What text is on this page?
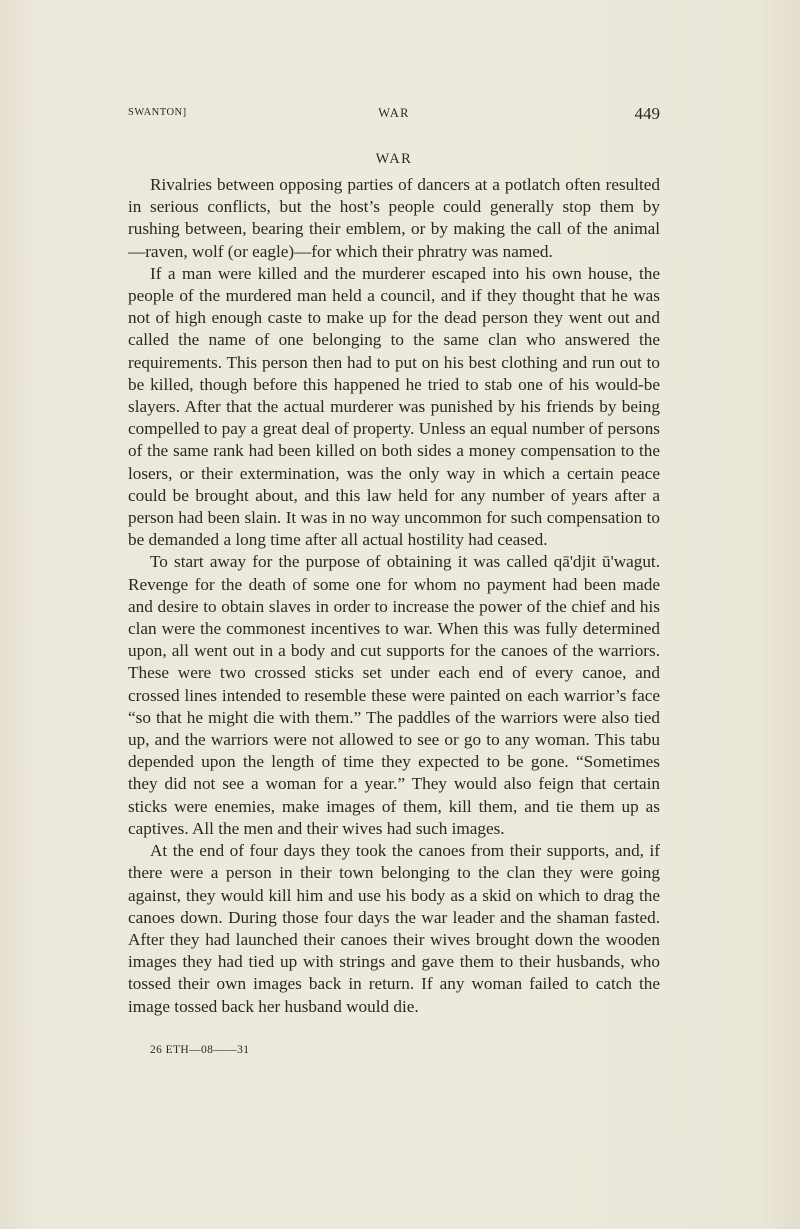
SWANTON]	WAR	449
WAR

Rivalries between opposing parties of dancers at a potlatch often resulted in serious conflicts, but the host’s people could generally stop them by rushing between, bearing their emblem, or by making the call of the animal—raven, wolf (or eagle)—for which their phratry was named.

If a man were killed and the murderer escaped into his own house, the people of the murdered man held a council, and if they thought that he was not of high enough caste to make up for the dead person they went out and called the name of one belonging to the same clan who answered the requirements. This person then had to put on his best clothing and run out to be killed, though before this happened he tried to stab one of his would-be slayers. After that the actual murderer was punished by his friends by being compelled to pay a great deal of property. Unless an equal number of persons of the same rank had been killed on both sides a money compensation to the losers, or their extermination, was the only way in which a certain peace could be brought about, and this law held for any number of years after a person had been slain. It was in no way uncommon for such compensation to be demanded a long time after all actual hostility had ceased.

To start away for the purpose of obtaining it was called qā'djit ū'wagut. Revenge for the death of some one for whom no payment had been made and desire to obtain slaves in order to increase the power of the chief and his clan were the commonest incentives to war. When this was fully determined upon, all went out in a body and cut supports for the canoes of the warriors. These were two crossed sticks set under each end of every canoe, and crossed lines intended to resemble these were painted on each warrior’s face “so that he might die with them.” The paddles of the warriors were also tied up, and the warriors were not allowed to see or go to any woman. This tabu depended upon the length of time they expected to be gone. “Sometimes they did not see a woman for a year.” They would also feign that certain sticks were enemies, make images of them, kill them, and tie them up as captives. All the men and their wives had such images.

At the end of four days they took the canoes from their supports, and, if there were a person in their town belonging to the clan they were going against, they would kill him and use his body as a skid on which to drag the canoes down. During those four days the war leader and the shaman fasted. After they had launched their canoes their wives brought down the wooden images they had tied up with strings and gave them to their husbands, who tossed their own images back in return. If any woman failed to catch the image tossed back her husband would die.

26 ETH—08——31
